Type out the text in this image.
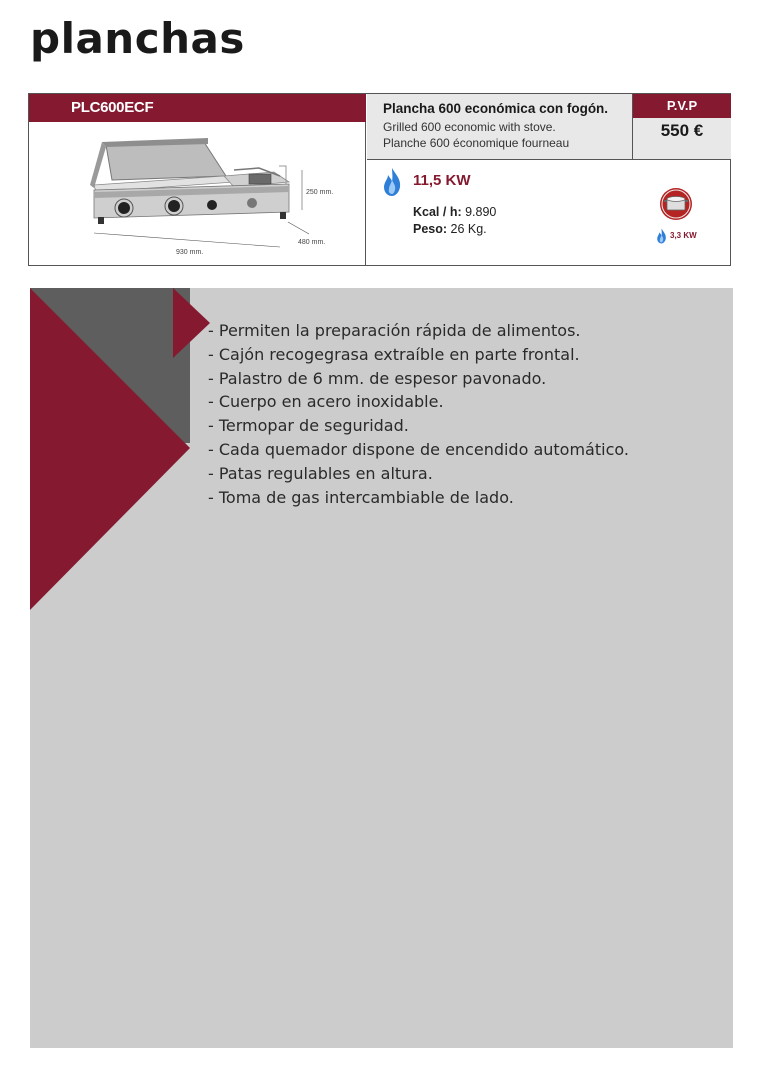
planchas
PLC600ECF
250 mm.
480 mm.
930 mm.
Plancha 600 económica con fogón.
Grilled 600 economic with stove.
Planche 600 économique fourneau
P.V.P
550 €
11,5 KW
Kcal / h: 9.890
Peso: 26 Kg.	3,3 KW
- Permiten la preparación rápida de alimentos.
- Cajón recogegrasa extraíble en parte frontal.
- Palastro de 6 mm. de espesor pavonado.
- Cuerpo en acero inoxidable.
- Termopar de seguridad.
- Cada quemador dispone de encendido automático.
- Patas regulables en altura.
- Toma de gas intercambiable de lado.
